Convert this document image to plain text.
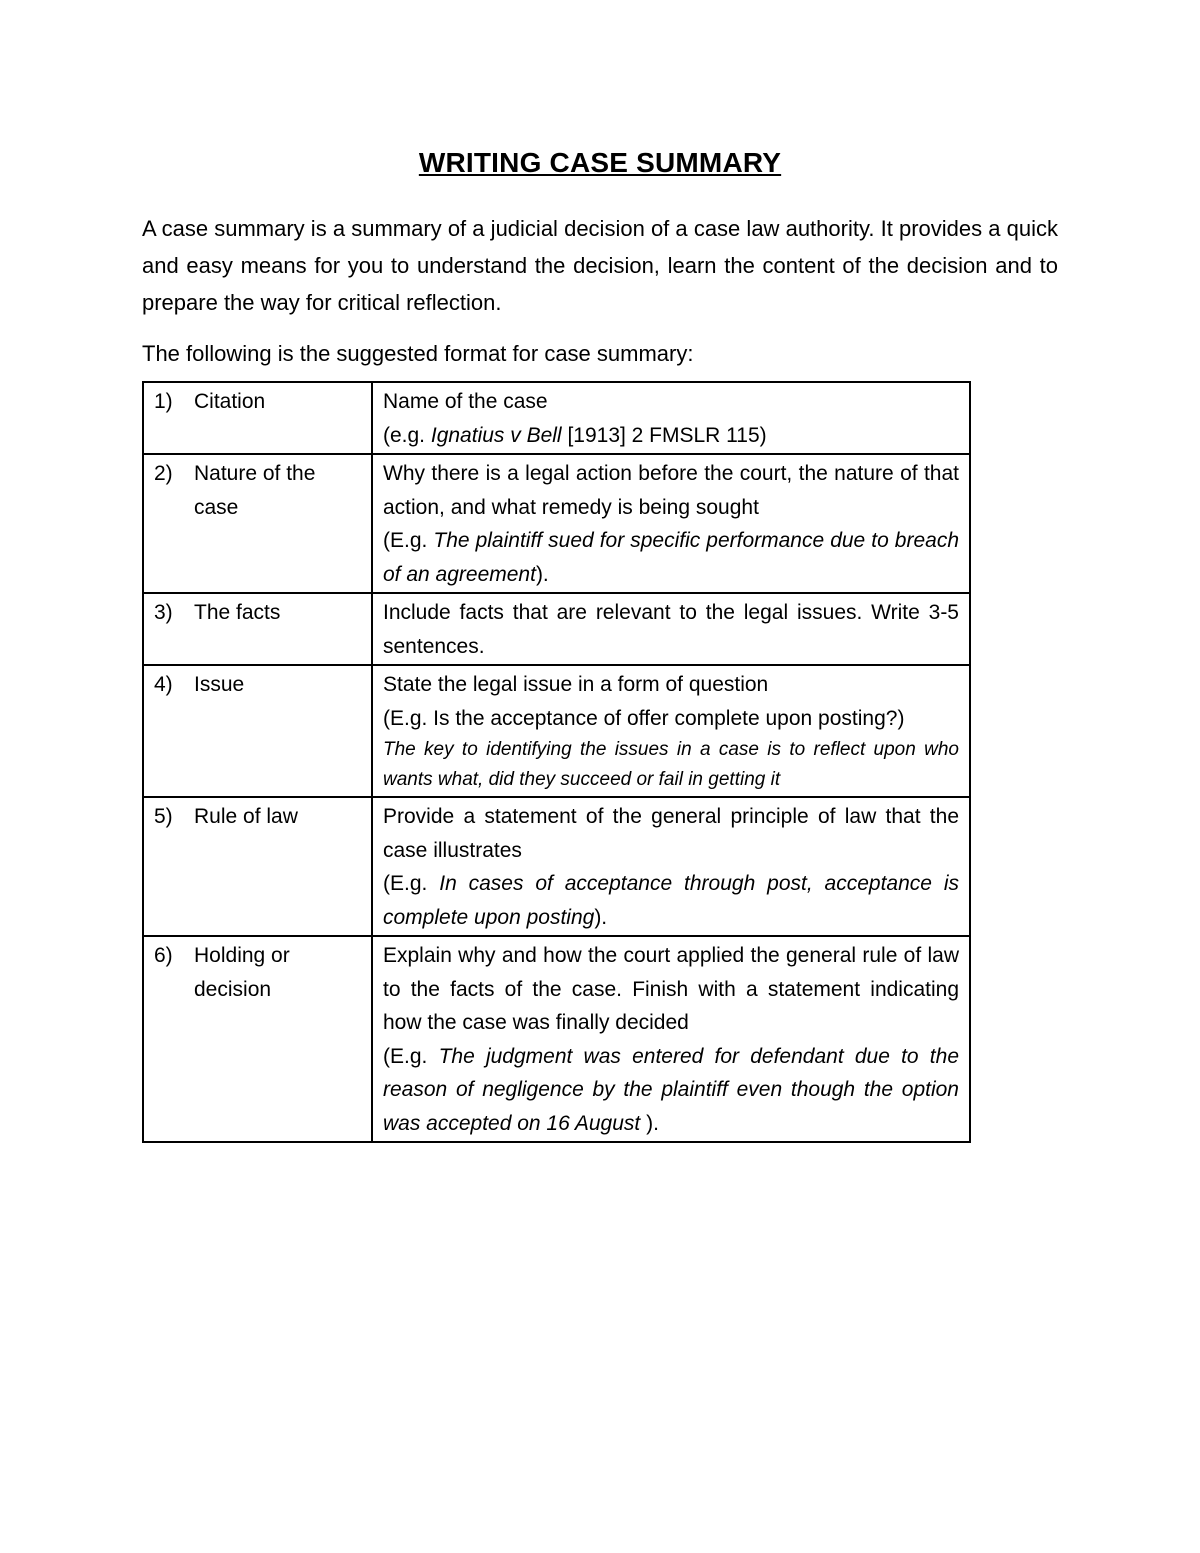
WRITING CASE SUMMARY

A case summary is a summary of a judicial decision of a case law authority. It provides a quick and easy means for you to understand the decision, learn the content of the decision and to prepare the way for critical reflection.

The following is the suggested format for case summary:

1) Citation	Name of the case
(e.g. Ignatius v Bell [1913] 2 FMSLR 115)

2) Nature of the case	Why there is a legal action before the court, the nature of that action, and what remedy is being sought
(E.g. The plaintiff sued for specific performance due to breach of an agreement).

3) The facts	Include facts that are relevant to the legal issues. Write 3-5 sentences.

4) Issue	State the legal issue in a form of question
(E.g. Is the acceptance of offer complete upon posting?)
The key to identifying the issues in a case is to reflect upon who wants what, did they succeed or fail in getting it

5) Rule of law	Provide a statement of the general principle of law that the case illustrates
(E.g. In cases of acceptance through post, acceptance is complete upon posting).

6) Holding or decision	Explain why and how the court applied the general rule of law to the facts of the case. Finish with a statement indicating how the case was finally decided
(E.g. The judgment was entered for defendant due to the reason of negligence by the plaintiff even though the option was accepted on 16 August ).
